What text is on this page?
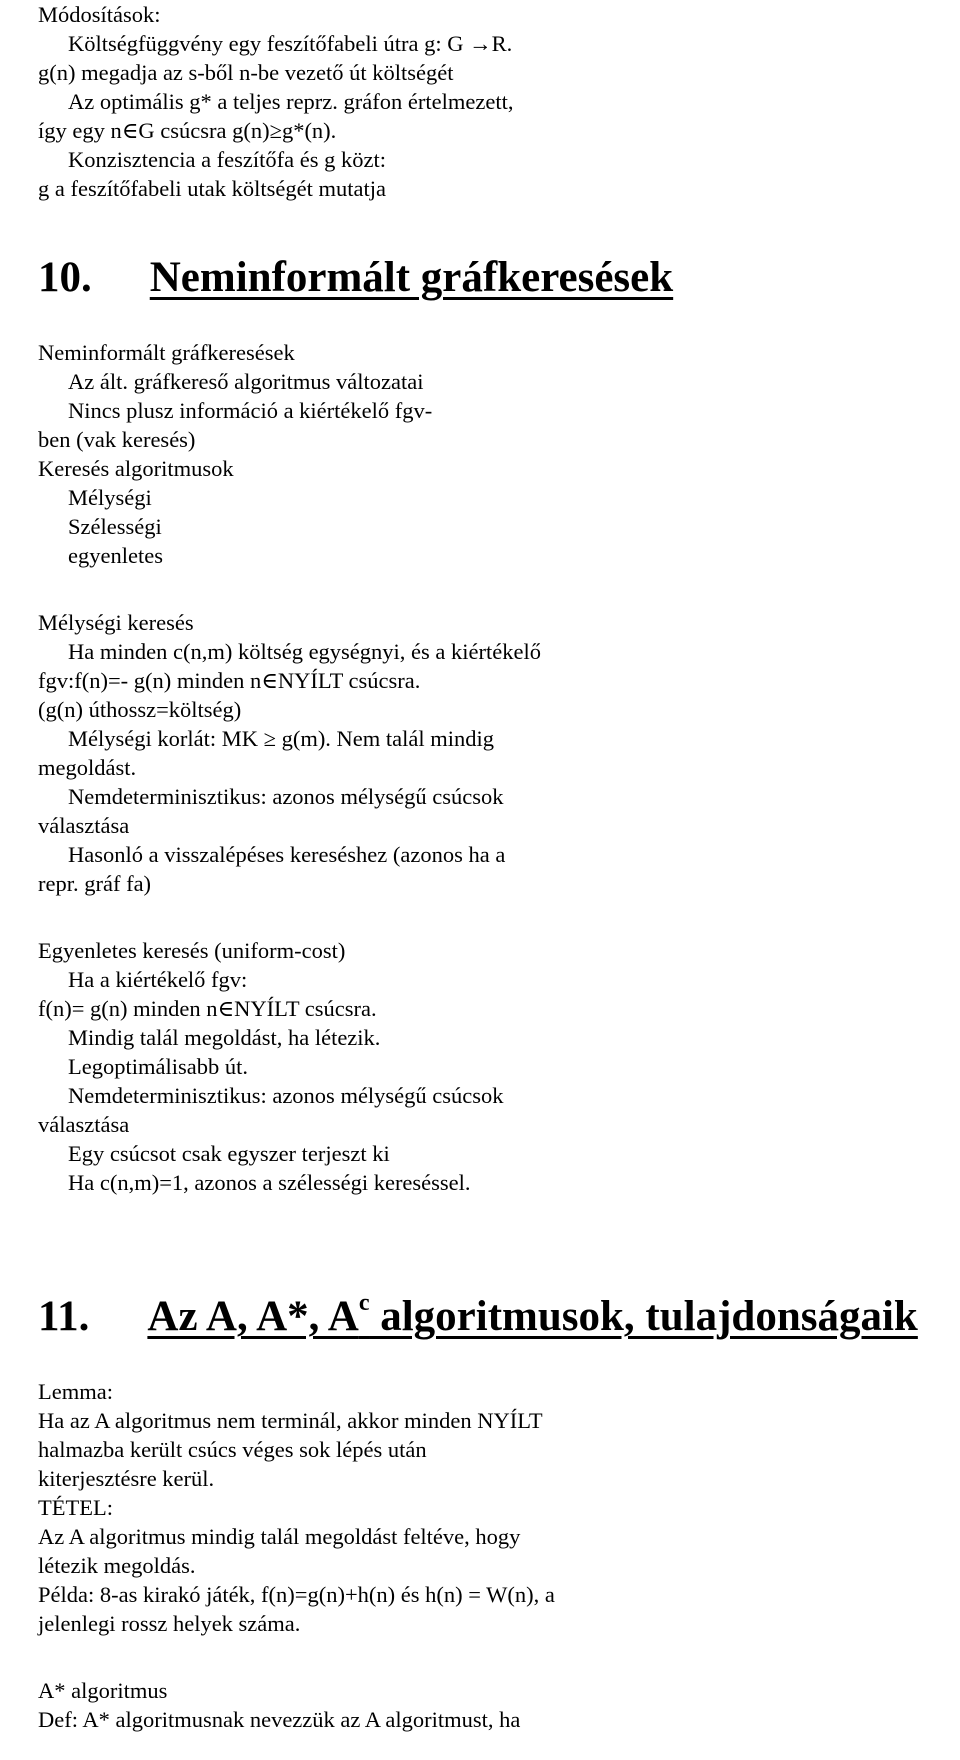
Módosítások:
Költségfüggvény egy feszítőfabeli útra g: G →R.
g(n) megadja az s-ből n-be vezető út költségét
Az optimális g* a teljes reprz. gráfon értelmezett,
így egy n∈G csúcsra g(n)≥g*(n).
Konzisztencia a feszítőfa és g közt:
g a feszítőfabeli utak költségét mutatja
10. Neminformált gráfkeresések
Neminformált gráfkeresések
Az ált. gráfkereső algoritmus változatai
Nincs plusz információ a kiértékelő fgv-
ben (vak keresés)
Keresés algoritmusok
Mélységi
Szélességi
egyenletes
Mélységi keresés
Ha minden c(n,m) költség egységnyi, és a kiértékelő
fgv:f(n)=- g(n) minden n∈NYÍLT csúcsra.
(g(n) úthossz=költség)
Mélységi korlát: MK ≥ g(m). Nem talál mindig
megoldást.
Nemdeterminisztikus: azonos mélységű csúcsok
választása
Hasonló a visszalépéses kereséshez (azonos ha a
repr. gráf fa)
Egyenletes keresés (uniform-cost)
Ha a kiértékelő fgv:
f(n)= g(n) minden n∈NYÍLT csúcsra.
Mindig talál megoldást, ha létezik.
Legoptimálisabb út.
Nemdeterminisztikus: azonos mélységű csúcsok
választása
Egy csúcsot csak egyszer terjeszt ki
Ha c(n,m)=1, azonos a szélességi kereséssel.
11. Az A, A*, $A^c$ algoritmusok, tulajdonságaik
Lemma:
Ha az A algoritmus nem terminál, akkor minden NYÍLT
halmazba került csúcs véges sok lépés után
kiterjesztésre kerül.
TÉTEL:
Az A algoritmus mindig talál megoldást feltéve, hogy
létezik megoldás.
Példa: 8-as kirakó játék, f(n)=g(n)+h(n) és h(n) = W(n), a
jelenlegi rossz helyek száma.
A* algoritmus
Def: A* algoritmusnak nevezzük az A algoritmust, ha
